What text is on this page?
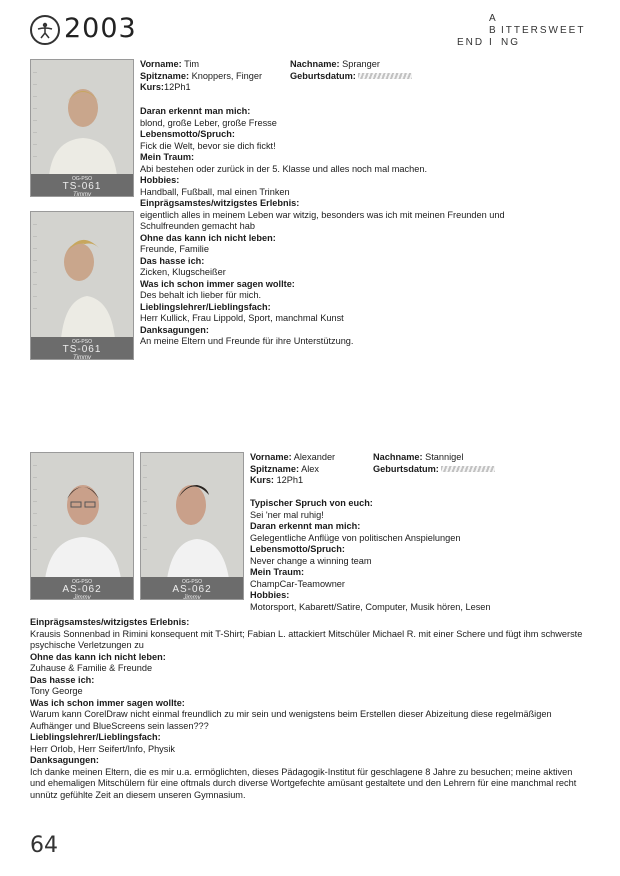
2003	A
B ITTERSWEET
END I NG
—
—
—
—
—
—
—
—
OG-PSO
TS-061
Timmy
—
—
—
—
—
—
—
—
OG-PSO
TS-061
Timmy
Vorname: Tim	Nachname: Spranger
Spitzname: Knoppers, Finger	Geburtsdatum:
Kurs:12Ph1
Daran erkennt man mich:
blond, große Leber, große Fresse
Lebensmotto/Spruch:
Fick die Welt, bevor sie dich fickt!
Mein Traum:
Abi bestehen oder zurück in der 5. Klasse und alles noch mal machen.
Hobbies:
Handball, Fußball, mal einen Trinken
Einprägsamstes/witzigstes Erlebnis:
eigentlich alles in meinem Leben war witzig, besonders was ich mit meinen Freunden und Schulfreunden gemacht hab
Ohne das kann ich nicht leben:
Freunde, Familie
Das hasse ich:
Zicken, Klugscheißer
Was ich schon immer sagen wollte:
Des behalt ich lieber für mich.
Lieblingslehrer/Lieblingsfach:
Herr Kullick, Frau Lippold, Sport, manchmal Kunst
Danksagungen:
An meine Eltern und Freunde für ihre Unterstützung.
—
—
—
—
—
—
—
—
OG-PSO
AS-062
Jimmy
—
—
—
—
—
—
—
—
OG-PSO
AS-062
Jimmy
Vorname: Alexander	Nachname: Stannigel
Spitzname: Alex	Geburtsdatum:
Kurs: 12Ph1
Typischer Spruch von euch:
Sei 'ner mal ruhig!
Daran erkennt man mich:
Gelegentliche Anflüge von politischen Anspielungen
Lebensmotto/Spruch:
Never change a winning team
Mein Traum:
ChampCar-Teamowner
Hobbies:
Motorsport, Kabarett/Satire, Computer, Musik hören, Lesen
Einprägsamstes/witzigstes Erlebnis:
Krausis Sonnenbad in Rimini konsequent mit T-Shirt; Fabian L. attackiert Mitschüler Michael R. mit einer Schere und fügt ihm schwerste psychische Verletzungen zu
Ohne das kann ich nicht leben:
Zuhause & Familie & Freunde
Das hasse ich:
Tony George
Was ich schon immer sagen wollte:
Warum kann CorelDraw nicht einmal freundlich zu mir sein und wenigstens beim Erstellen dieser Abizeitung diese regelmäßigen Aufhänger und BlueScreens sein lassen???
Lieblingslehrer/Lieblingsfach:
Herr Orlob, Herr Seifert/Info, Physik
Danksagungen:
Ich danke meinen Eltern, die es mir u.a. ermöglichten, dieses Pädagogik-Institut für geschlagene 8 Jahre zu besuchen; meine aktiven und ehemaligen Mitschülern für eine oftmals durch diverse Wortgefechte amüsant gestaltete und den Lehrern für eine manchmal recht unnütz gefühlte Zeit an diesem unseren Gymnasium.
64
